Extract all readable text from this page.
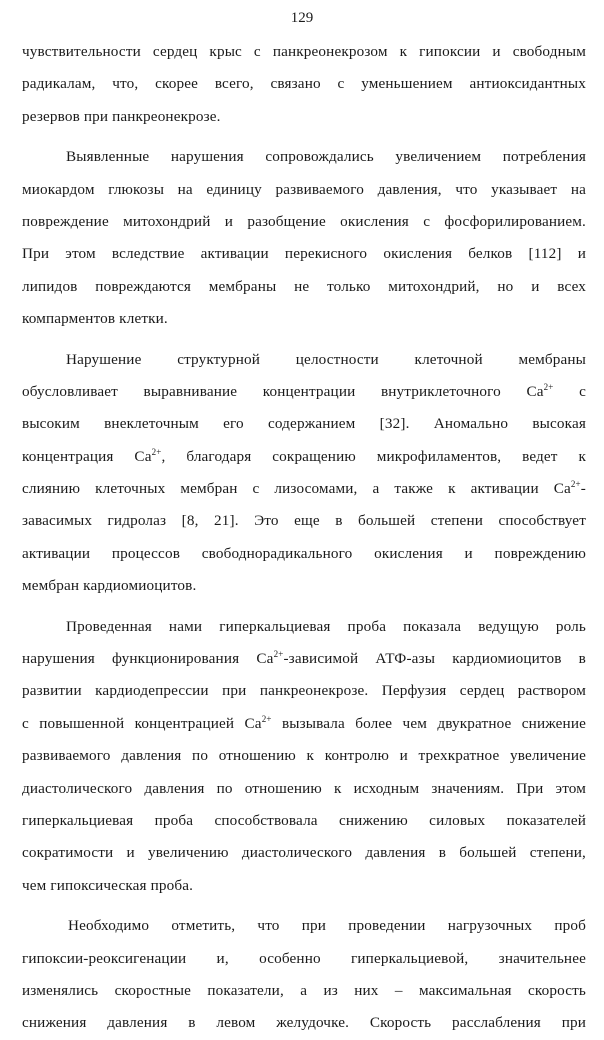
129
чувствительности сердец крыс с панкреонекрозом к гипоксии и свободным
радикалам, что, скорее всего, связано с уменьшением антиоксидантных
резервов при панкреонекрозе.
Выявленные нарушения сопровождались увеличением потребления
миокардом глюкозы на единицу развиваемого давления, что указывает на
повреждение митохондрий и разобщение окисления с фосфорилированием.
При этом вследствие активации перекисного окисления белков [112] и
липидов повреждаются мембраны не только митохондрий, но и всех
компарментов клетки.
Нарушение структурной целостности клеточной мембраны
обусловливает выравнивание концентрации внутриклеточного $Ca^{2+}$ с
высоким внеклеточным его содержанием [32]. Аномально высокая
концентрация $Ca^{2+}$, благодаря сокращению микрофиламентов, ведет к
слиянию клеточных мембран с лизосомами, а также к активации $Ca^{2+}-$
завасимых гидролаз [8, 21]. Это еще в большей степени способствует
активации процессов свободнорадикального окисления и повреждению
мембран кардиомиоцитов.
Проведенная нами гиперкальциевая проба показала ведущую роль
нарушения функционирования $Ca^{2+}$-зависимой АТФ-азы кардиомиоцитов в
развитии кардиодепрессии при панкреонекрозе. Перфузия сердец раствором
с повышенной концентрацией $Ca^{2+}$ вызывала более чем двукратное снижение
развиваемого давления по отношению к контролю и трехкратное увеличение
диастолического давления по отношению к исходным значениям. При этом
гиперкальциевая проба способствовала снижению силовых показателей
сократимости и увеличению диастолического давления в большей степени,
чем гипоксическая проба.
Необходимо отметить, что при проведении нагрузочных проб
гипоксии-реоксигенации и, особенно гиперкальциевой, значительнее
изменялись скоростные показатели, а из них – максимальная скорость
снижения давления в левом желудочке. Скорость расслабления при
